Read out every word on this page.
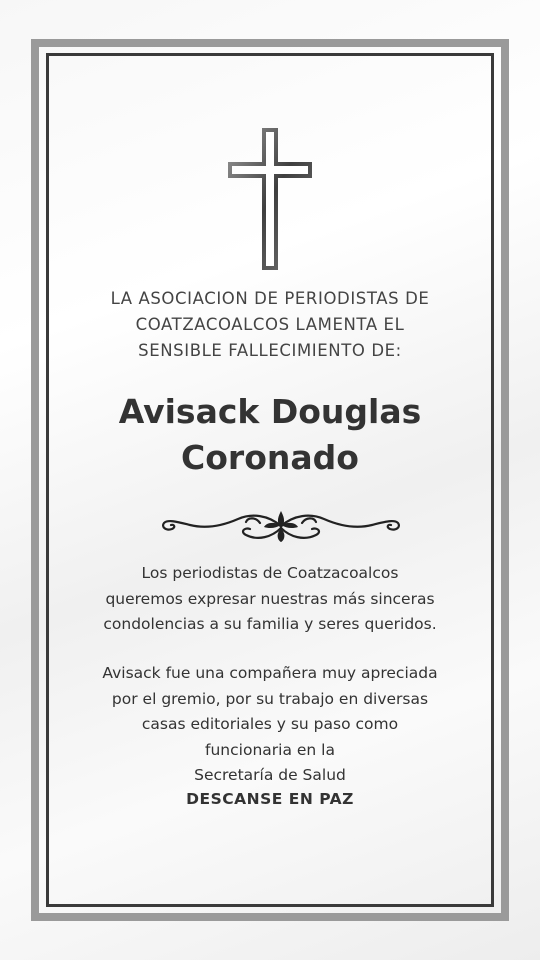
LA ASOCIACION DE PERIODISTAS DE
COATZACOALCOS LAMENTA EL
SENSIBLE FALLECIMIENTO DE:
Avisack Douglas
Coronado
Los periodistas de Coatzacoalcos
queremos expresar nuestras más sinceras
condolencias a su familia y seres queridos.
Avisack fue una compañera muy apreciada
por el gremio, por su trabajo en diversas
casas editoriales y su paso como
funcionaria en la
Secretaría de Salud
DESCANSE EN PAZ
